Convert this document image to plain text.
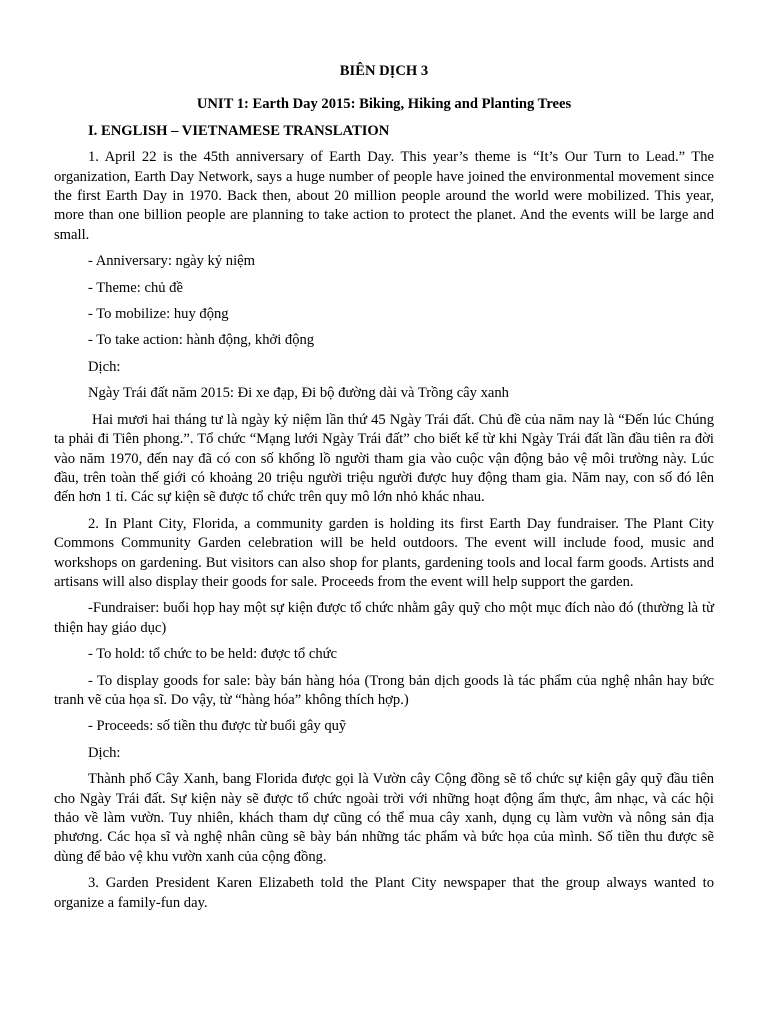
BIÊN DỊCH 3

UNIT 1: Earth Day 2015: Biking, Hiking and Planting Trees

I. ENGLISH – VIETNAMESE TRANSLATION

1. April 22 is the 45th anniversary of Earth Day. This year’s theme is “It’s Our Turn to Lead.” The organization, Earth Day Network, says a huge number of people have joined the environmental movement since the first Earth Day in 1970. Back then, about 20 million people around the world were mobilized. This year, more than one billion people are planning to take action to protect the planet. And the events will be large and small.

- Anniversary: ngày kỷ niệm

- Theme: chủ đề

- To mobilize: huy động

- To take action: hành động, khởi động

Dịch:

Ngày Trái đất năm 2015: Đi xe đạp, Đi bộ đường dài và Trồng cây xanh

Hai mươi hai tháng tư là ngày kỷ niệm lần thứ 45 Ngày Trái đất. Chủ đề của năm nay là “Đến lúc Chúng ta phải đi Tiên phong.”. Tổ chức “Mạng lưới Ngày Trái đất” cho biết kể từ khi Ngày Trái đất lần đầu tiên ra đời vào năm 1970, đến nay đã có con số khổng lồ người tham gia vào cuộc vận động bảo vệ môi trường này. Lúc đầu, trên toàn thế giới có khoảng 20 triệu người triệu người được huy động tham gia. Năm nay, con số đó lên đến hơn 1 tỉ. Các sự kiện sẽ được tổ chức trên quy mô lớn nhỏ khác nhau.

2. In Plant City, Florida, a community garden is holding its first Earth Day fundraiser. The Plant City Commons Community Garden celebration will be held outdoors. The event will include food, music and workshops on gardening. But visitors can also shop for plants, gardening tools and local farm goods. Artists and artisans will also display their goods for sale. Proceeds from the event will help support the garden.

-Fundraiser: buổi họp hay một sự kiện được tổ chức nhằm gây quỹ cho một mục đích nào đó (thường là từ thiện hay giáo dục)

- To hold: tổ chức to be held: được tổ chức

- To display goods for sale: bày bán hàng hóa (Trong bản dịch goods là tác phẩm của nghệ nhân hay bức tranh vẽ của họa sĩ. Do vậy, từ “hàng hóa” không thích hợp.)

- Proceeds: số tiền thu được từ buổi gây quỹ

Dịch:

Thành phố Cây Xanh, bang Florida được gọi là Vườn cây Cộng đồng sẽ tổ chức sự kiện gây quỹ đầu tiên cho Ngày Trái đất. Sự kiện này sẽ được tổ chức ngoài trời với những hoạt động ẩm thực, âm nhạc, và các hội thảo về làm vườn. Tuy nhiên, khách tham dự cũng có thể mua cây xanh, dụng cụ làm vườn và nông sản địa phương. Các họa sĩ và nghệ nhân cũng sẽ bày bán những tác phẩm và bức họa của mình. Số tiền thu được sẽ dùng để bảo vệ khu vườn xanh của cộng đồng.

3. Garden President Karen Elizabeth told the Plant City newspaper that the group always wanted to organize a family-fun day.
